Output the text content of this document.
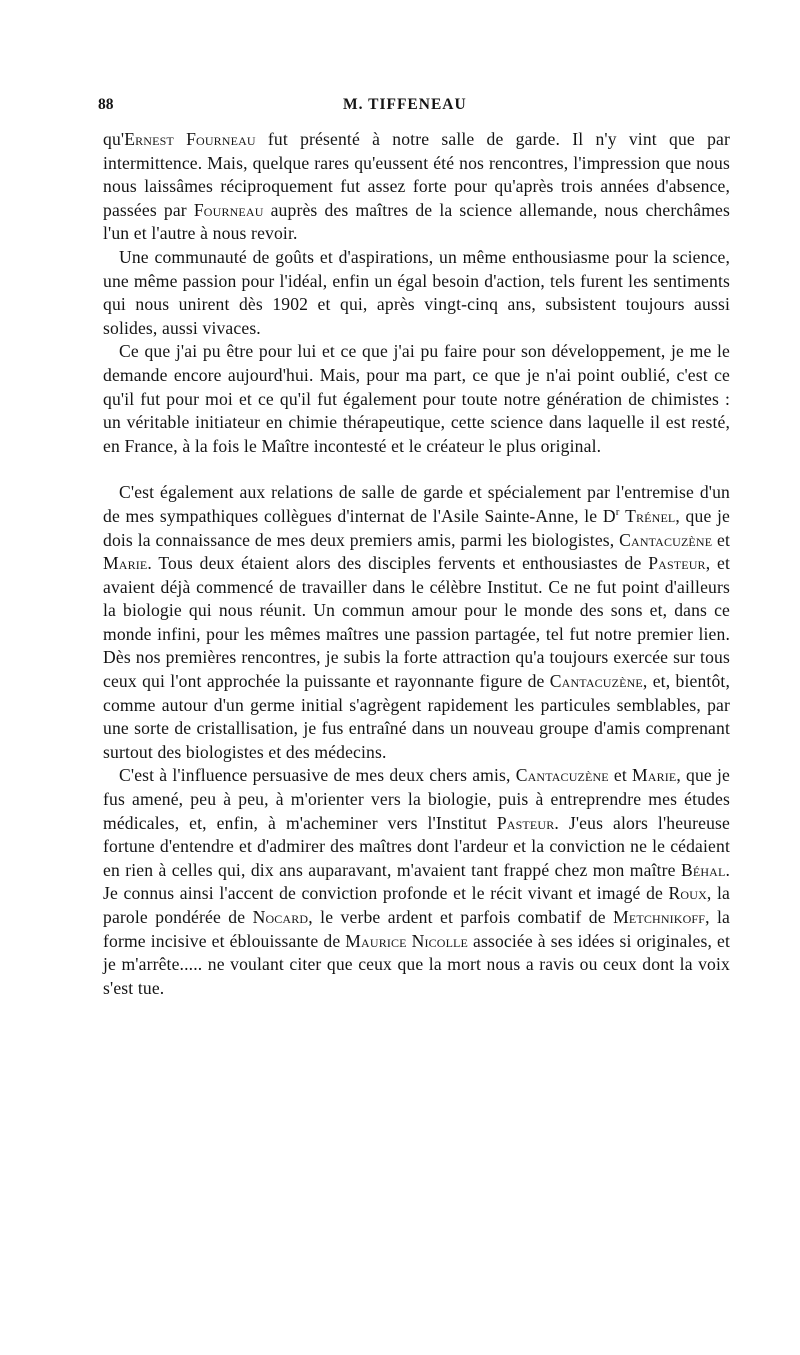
88	M. TIFFENEAU

qu'Ernest Fourneau fut présenté à notre salle de garde. Il n'y vint que par intermittence. Mais, quelque rares qu'eussent été nos rencontres, l'impression que nous nous laissâmes réciproquement fut assez forte pour qu'après trois années d'absence, passées par Fourneau auprès des maîtres de la science allemande, nous cherchâmes l'un et l'autre à nous revoir.

Une communauté de goûts et d'aspirations, un même enthousiasme pour la science, une même passion pour l'idéal, enfin un égal besoin d'action, tels furent les sentiments qui nous unirent dès 1902 et qui, après vingt-cinq ans, subsistent toujours aussi solides, aussi vivaces.

Ce que j'ai pu être pour lui et ce que j'ai pu faire pour son développement, je me le demande encore aujourd'hui. Mais, pour ma part, ce que je n'ai point oublié, c'est ce qu'il fut pour moi et ce qu'il fut également pour toute notre génération de chimistes : un véritable initiateur en chimie thérapeutique, cette science dans laquelle il est resté, en France, à la fois le Maître incontesté et le créateur le plus original.

C'est également aux relations de salle de garde et spécialement par l'entremise d'un de mes sympathiques collègues d'internat de l'Asile Sainte-Anne, le $D^r$ Trénel, que je dois la connaissance de mes deux premiers amis, parmi les biologistes, Cantacuzène et Marie. Tous deux étaient alors des disciples fervents et enthousiastes de Pasteur, et avaient déjà commencé de travailler dans le célèbre Institut. Ce ne fut point d'ailleurs la biologie qui nous réunit. Un commun amour pour le monde des sons et, dans ce monde infini, pour les mêmes maîtres une passion partagée, tel fut notre premier lien. Dès nos premières rencontres, je subis la forte attraction qu'a toujours exercée sur tous ceux qui l'ont approchée la puissante et rayonnante figure de Cantacuzène, et, bientôt, comme autour d'un germe initial s'agrègent rapidement les particules semblables, par une sorte de cristallisation, je fus entraîné dans un nouveau groupe d'amis comprenant surtout des biologistes et des médecins.

C'est à l'influence persuasive de mes deux chers amis, Cantacuzène et Marie, que je fus amené, peu à peu, à m'orienter vers la biologie, puis à entreprendre mes études médicales, et, enfin, à m'acheminer vers l'Institut Pasteur. J'eus alors l'heureuse fortune d'entendre et d'admirer des maîtres dont l'ardeur et la conviction ne le cédaient en rien à celles qui, dix ans auparavant, m'avaient tant frappé chez mon maître Béhal. Je connus ainsi l'accent de conviction profonde et le récit vivant et imagé de Roux, la parole pondérée de Nocard, le verbe ardent et parfois combatif de Metchnikoff, la forme incisive et éblouissante de Maurice Nicolle associée à ses idées si originales, et je m'arrête..... ne voulant citer que ceux que la mort nous a ravis ou ceux dont la voix s'est tue.
